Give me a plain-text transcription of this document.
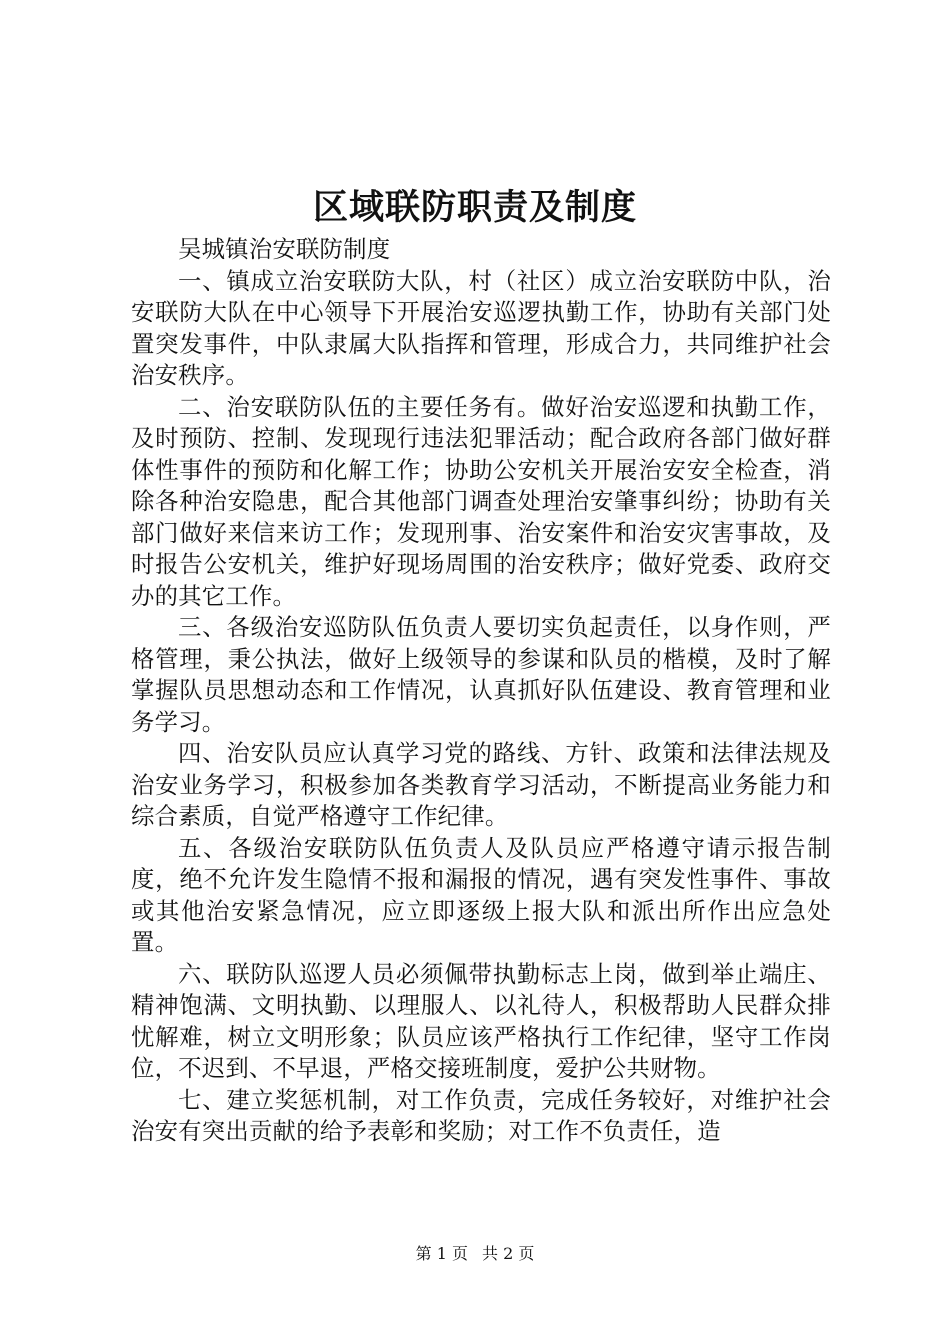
区域联防职责及制度

吴城镇治安联防制度

一、镇成立治安联防大队，村（社区）成立治安联防中队，治安联防大队在中心领导下开展治安巡逻执勤工作，协助有关部门处置突发事件，中队隶属大队指挥和管理，形成合力，共同维护社会治安秩序。

二、治安联防队伍的主要任务有。做好治安巡逻和执勤工作，及时预防、控制、发现现行违法犯罪活动；配合政府各部门做好群体性事件的预防和化解工作；协助公安机关开展治安安全检查，消除各种治安隐患，配合其他部门调查处理治安肇事纠纷；协助有关部门做好来信来访工作；发现刑事、治安案件和治安灾害事故，及时报告公安机关，维护好现场周围的治安秩序；做好党委、政府交办的其它工作。

三、各级治安巡防队伍负责人要切实负起责任，以身作则，严格管理，秉公执法，做好上级领导的参谋和队员的楷模，及时了解掌握队员思想动态和工作情况，认真抓好队伍建设、教育管理和业务学习。

四、治安队员应认真学习党的路线、方针、政策和法律法规及治安业务学习，积极参加各类教育学习活动，不断提高业务能力和综合素质，自觉严格遵守工作纪律。

五、各级治安联防队伍负责人及队员应严格遵守请示报告制度，绝不允许发生隐情不报和漏报的情况，遇有突发性事件、事故或其他治安紧急情况，应立即逐级上报大队和派出所作出应急处置。

六、联防队巡逻人员必须佩带执勤标志上岗，做到举止端庄、精神饱满、文明执勤、以理服人、以礼待人，积极帮助人民群众排忧解难，树立文明形象；队员应该严格执行工作纪律，坚守工作岗位，不迟到、不早退，严格交接班制度，爱护公共财物。

七、建立奖惩机制，对工作负责，完成任务较好，对维护社会治安有突出贡献的给予表彰和奖励；对工作不负责任，造

第 1 页 共 2 页
